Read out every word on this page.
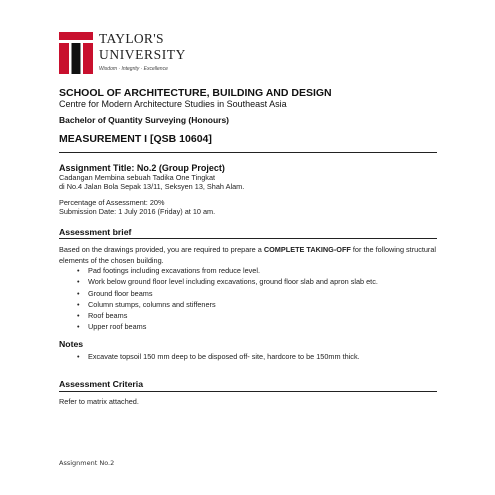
TAYLOR'S
UNIVERSITY
Wisdom · Integrity · Excellence
SCHOOL OF ARCHITECTURE, BUILDING AND DESIGN
Centre for Modern Architecture Studies in Southeast Asia
Bachelor of Quantity Surveying (Honours)
MEASUREMENT I [QSB 10604]
Assignment Title: No.2 (Group Project)
Cadangan Membina sebuah Tadika One Tingkat
di No.4 Jalan Bola Sepak 13/11, Seksyen 13, Shah Alam.
Percentage of Assessment: 20%
Submission Date: 1 July 2016 (Friday) at 10 am.
Assessment brief
Based on the drawings provided, you are required to prepare a COMPLETE TAKING-OFF for the following structural elements of the chosen building.
• Pad footings including excavations from reduce level.
• Work below ground floor level including excavations, ground floor slab and apron slab etc.
• Ground floor beams
• Column stumps, columns and stiffeners
• Roof beams
• Upper roof beams
Notes
• Excavate topsoil 150 mm deep to be disposed off- site, hardcore to be 150mm thick.
Assessment Criteria
Refer to matrix attached.
Assignment No.2
